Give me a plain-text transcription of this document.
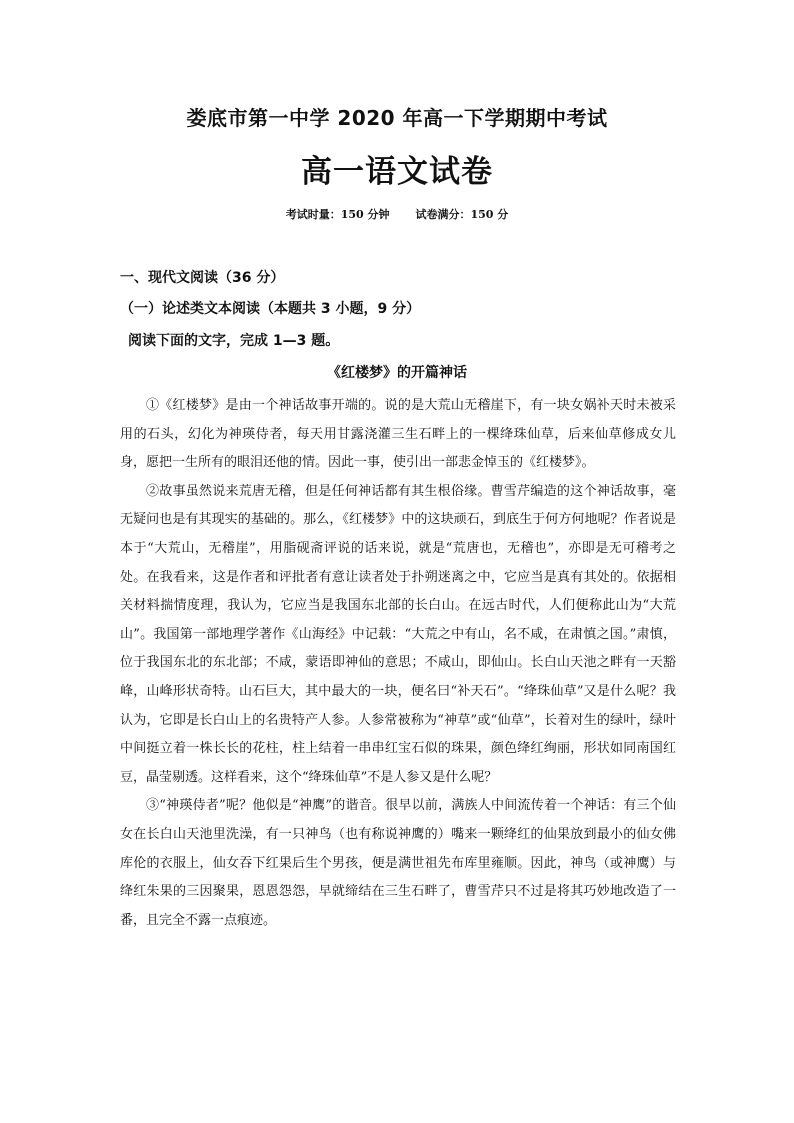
娄底市第一中学 2020 年高一下学期期中考试
高一语文试卷
考试时量：150 分钟 试卷满分：150 分
一、现代文阅读（36 分）
（一）论述类文本阅读（本题共 3 小题，9 分）
阅读下面的文字，完成 1—3 题。
《红楼梦》的开篇神话

①《红楼梦》是由一个神话故事开端的。说的是大荒山无稽崖下，有一块女娲补天时未被采用的石头，幻化为神瑛侍者，每天用甘露浇灌三生石畔上的一棵绛珠仙草，后来仙草修成女儿身，愿把一生所有的眼泪还他的情。因此一事，使引出一部悲金悼玉的《红楼梦》。

②故事虽然说来荒唐无稽，但是任何神话都有其生根俗缘。曹雪芹编造的这个神话故事，毫无疑问也是有其现实的基础的。那么，《红楼梦》中的这块顽石，到底生于何方何地呢？作者说是本于“大荒山，无稽崖”，用脂砚斋评说的话来说，就是“荒唐也，无稽也”，亦即是无可稽考之处。在我看来，这是作者和评批者有意让读者处于扑朔迷离之中，它应当是真有其处的。依据相关材料揣情度理，我认为，它应当是我国东北部的长白山。在远古时代，人们便称此山为“大荒山”。我国第一部地理学著作《山海经》中记载：“大荒之中有山，名不咸，在肃慎之国。”肃慎，位于我国东北的东北部；不咸，蒙语即神仙的意思；不咸山，即仙山。长白山天池之畔有一天豁峰，山峰形状奇特。山石巨大，其中最大的一块，便名曰“补天石”。“绛珠仙草”又是什么呢？我认为，它即是长白山上的名贵特产人参。人参常被称为“神草”或“仙草”，长着对生的绿叶，绿叶中间挺立着一株长长的花柱，柱上结着一串串红宝石似的珠果，颜色绛红绚丽，形状如同南国红豆，晶莹剔透。这样看来，这个“绛珠仙草”不是人参又是什么呢？

③“神瑛侍者”呢？他似是“神鹰”的谐音。很早以前，满族人中间流传着一个神话：有三个仙女在长白山天池里洗澡，有一只神鸟（也有称说神鹰的）嘴来一颗绛红的仙果放到最小的仙女佛库伦的衣服上，仙女吞下红果后生个男孩，便是满世祖先布库里雍顺。因此，神鸟（或神鹰）与绛红朱果的三因聚果，恩恩怨怨，早就缔结在三生石畔了，曹雪芹只不过是将其巧妙地改造了一番，且完全不露一点痕迹。
